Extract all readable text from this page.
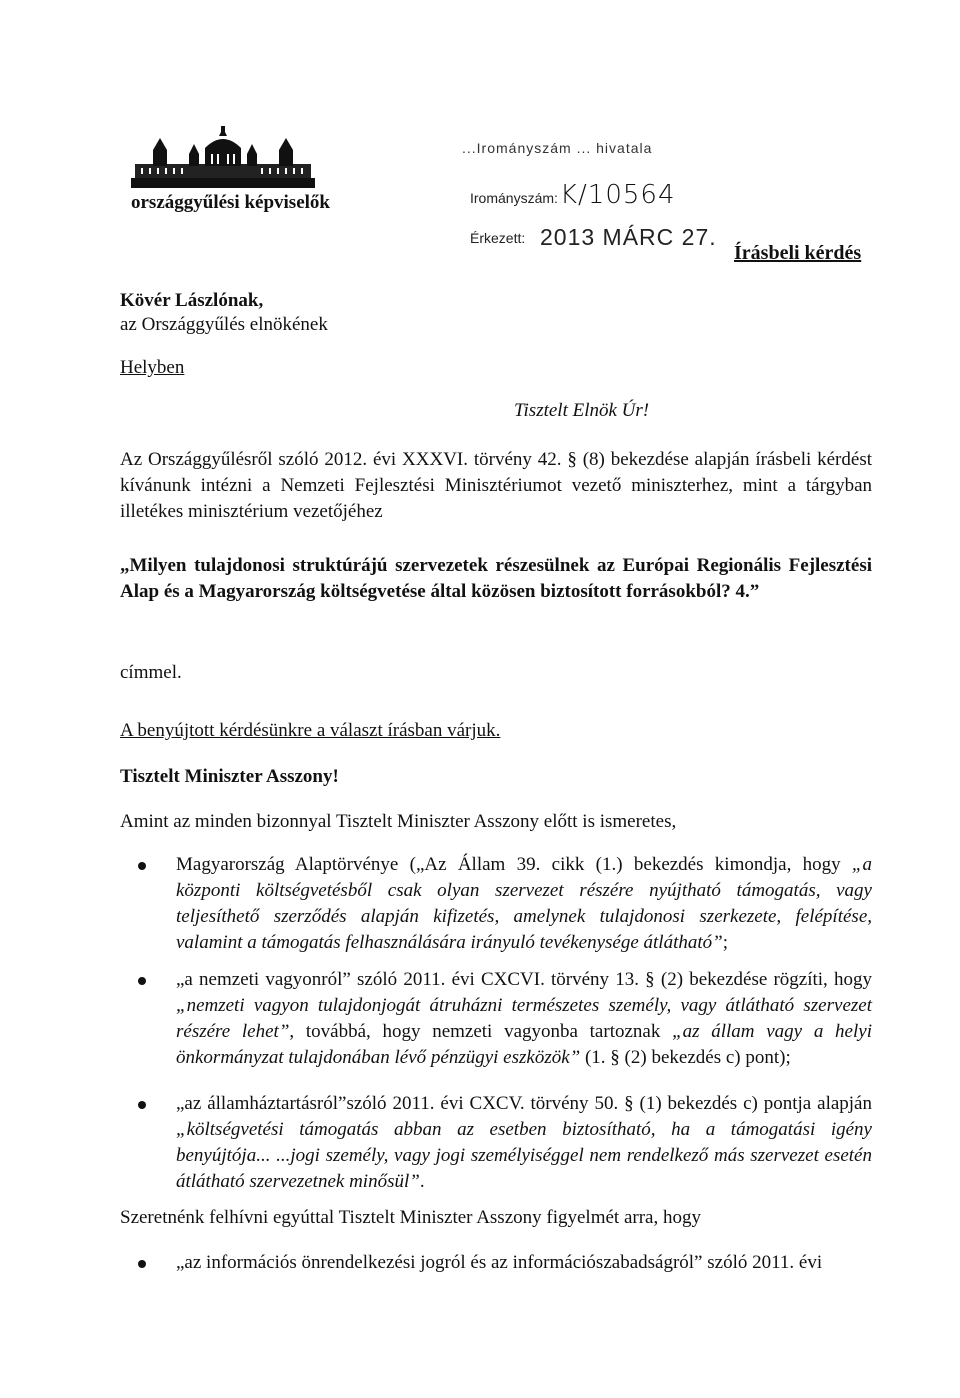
országgyűlési képviselők
...Irományszám ... hivatala
Irományszám: K/10564
Érkezett: 2013 MÁRC 27.
Írásbeli kérdés
Kövér Lászlónak,
az Országgyűlés elnökének
Helyben
Tisztelt Elnök Úr!

Az Országgyűlésről szóló 2012. évi XXXVI. törvény 42. § (8) bekezdése alapján írásbeli kérdést kívánunk intézni a Nemzeti Fejlesztési Minisztériumot vezető miniszterhez, mint a tárgyban illetékes minisztérium vezetőjéhez

„Milyen tulajdonosi struktúrájú szervezetek részesülnek az Európai Regionális Fejlesztési Alap és a Magyarország költségvetése által közösen biztosított forrásokból? 4.”

címmel.
A benyújtott kérdésünkre a választ írásban várjuk.
Tisztelt Miniszter Asszony!
Amint az minden bizonnyal Tisztelt Miniszter Asszony előtt is ismeretes,

Magyarország Alaptörvénye („Az Állam 39. cikk (1.) bekezdés kimondja, hogy „a központi költségvetésből csak olyan szervezet részére nyújtható támogatás, vagy teljesíthető szerződés alapján kifizetés, amelynek tulajdonosi szerkezete, felépítése, valamint a támogatás felhasználására irányuló tevékenysége átlátható”;

„a nemzeti vagyonról” szóló 2011. évi CXCVI. törvény 13. § (2) bekezdése rögzíti, hogy „nemzeti vagyon tulajdonjogát átruházni természetes személy, vagy átlátható szervezet részére lehet”, továbbá, hogy nemzeti vagyonba tartoznak „az állam vagy a helyi önkormányzat tulajdonában lévő pénzügyi eszközök” (1. § (2) bekezdés c) pont);

„az államháztartásról”szóló 2011. évi CXCV. törvény 50. § (1) bekezdés c) pontja alapján „költségvetési támogatás abban az esetben biztosítható, ha a támogatási igény benyújtója... ...jogi személy, vagy jogi személyiséggel nem rendelkező más szervezet esetén átlátható szervezetnek minősül”.

Szeretnénk felhívni egyúttal Tisztelt Miniszter Asszony figyelmét arra, hogy

„az információs önrendelkezési jogról és az információszabadságról” szóló 2011. évi
